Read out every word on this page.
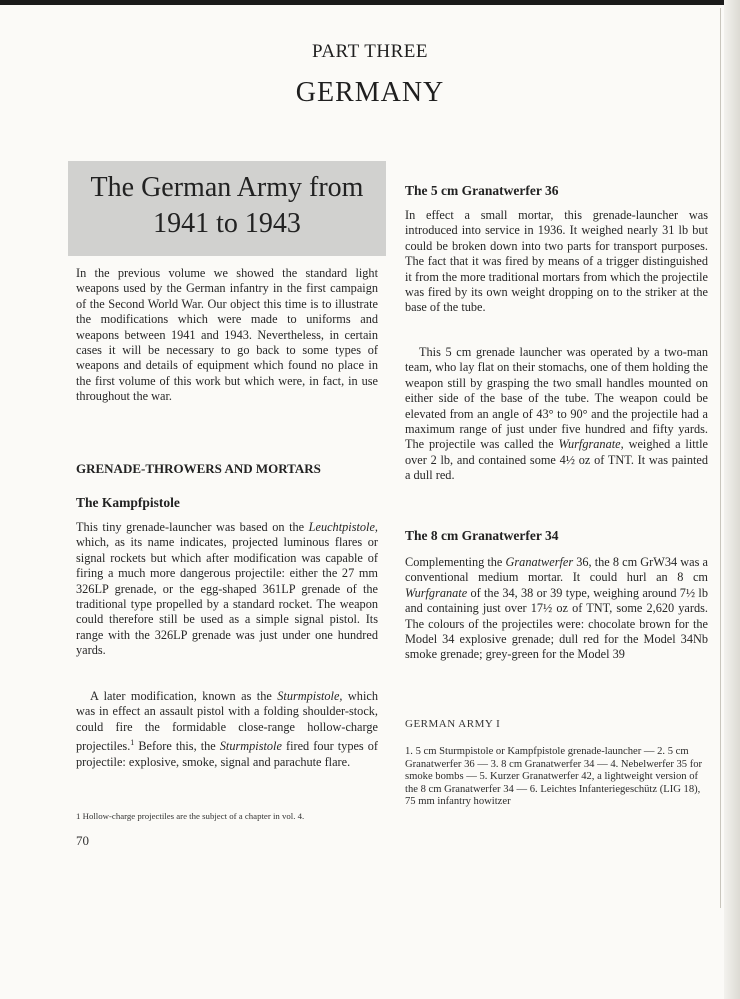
PART THREE
GERMANY
The German Army from
1941 to 1943

In the previous volume we showed the standard light weapons used by the German infantry in the first campaign of the Second World War. Our object this time is to illustrate the modifications which were made to uniforms and weapons between 1941 and 1943. Nevertheless, in certain cases it will be necessary to go back to some types of weapons and details of equipment which found no place in the first volume of this work but which were, in fact, in use throughout the war.

GRENADE-THROWERS AND MORTARS
The Kampfpistole

This tiny grenade-launcher was based on the Leuchtpistole, which, as its name indicates, projected luminous flares or signal rockets but which after modification was capable of firing a much more dangerous projectile: either the 27 mm 326LP grenade, or the egg-shaped 361LP grenade of the traditional type propelled by a standard rocket. The weapon could therefore still be used as a simple signal pistol. Its range with the 326LP grenade was just under one hundred yards.

A later modification, known as the Sturmpistole, which was in effect an assault pistol with a folding shoulder-stock, could fire the formidable close-range hollow-charge projectiles.$^1$ Before this, the Sturmpistole fired four types of projectile: explosive, smoke, signal and parachute flare.

1 Hollow-charge projectiles are the subject of a chapter in vol. 4.
70
The 5 cm Granatwerfer 36

In effect a small mortar, this grenade-launcher was introduced into service in 1936. It weighed nearly 31 lb but could be broken down into two parts for transport purposes. The fact that it was fired by means of a trigger distinguished it from the more traditional mortars from which the projectile was fired by its own weight dropping on to the striker at the base of the tube.

This 5 cm grenade launcher was operated by a two-man team, who lay flat on their stomachs, one of them holding the weapon still by grasping the two small handles mounted on either side of the base of the tube. The weapon could be elevated from an angle of 43° to 90° and the projectile had a maximum range of just under five hundred and fifty yards. The projectile was called the Wurfgranate, weighed a little over 2 lb, and contained some 4½ oz of TNT. It was painted a dull red.

The 8 cm Granatwerfer 34

Complementing the Granatwerfer 36, the 8 cm GrW34 was a conventional medium mortar. It could hurl an 8 cm Wurfgranate of the 34, 38 or 39 type, weighing around 7½ lb and containing just over 17½ oz of TNT, some 2,620 yards. The colours of the projectiles were: chocolate brown for the Model 34 explosive grenade; dull red for the Model 34Nb smoke grenade; grey-green for the Model 39

GERMAN ARMY I
1. 5 cm Sturmpistole or Kampfpistole grenade-launcher — 2. 5 cm Granatwerfer 36 — 3. 8 cm Granatwerfer 34 — 4. Nebelwerfer 35 for smoke bombs — 5. Kurzer Granatwerfer 42, a lightweight version of the 8 cm Granatwerfer 34 — 6. Leichtes Infanteriegeschütz (LIG 18), 75 mm infantry howitzer
